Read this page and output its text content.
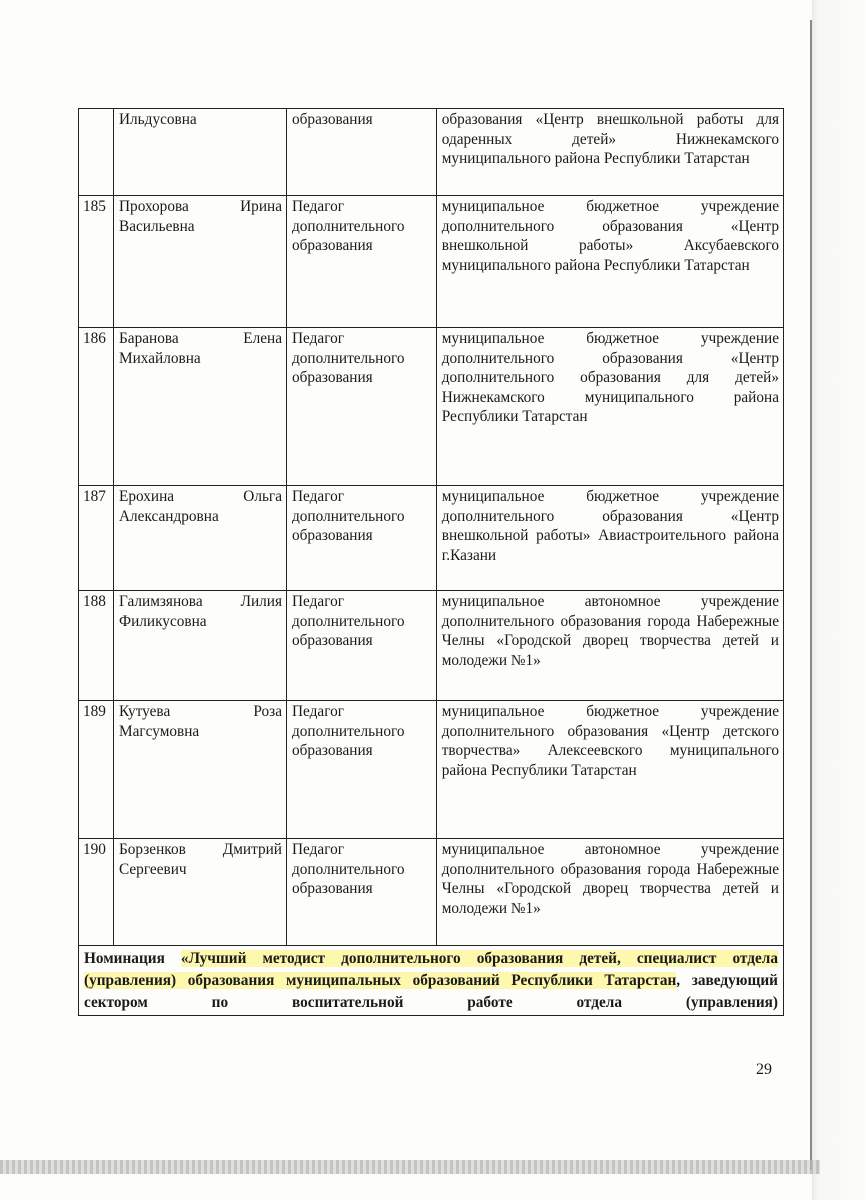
	Ильдусовна	образования	образования «Центр внешкольной работы для одаренных детей» Нижнекамского муниципального района Республики Татарстан
185	Прохорова Ирина Васильевна	Педагог дополнительного образования	муниципальное бюджетное учреждение дополнительного образования «Центр внешкольной работы» Аксубаевского муниципального района Республики Татарстан
186	Баранова Елена Михайловна	Педагог дополнительного образования	муниципальное бюджетное учреждение дополнительного образования «Центр дополнительного образования для детей» Нижнекамского муниципального района Республики Татарстан
187	Ерохина Ольга Александровна	Педагог дополнительного образования	муниципальное бюджетное учреждение дополнительного образования «Центр внешкольной работы» Авиастроительного района г.Казани
188	Галимзянова Лилия Филикусовна	Педагог дополнительного образования	муниципальное автономное учреждение дополнительного образования города Набережные Челны «Городской дворец творчества детей и молодежи №1»
189	Кутуева Роза Магсумовна	Педагог дополнительного образования	муниципальное бюджетное учреждение дополнительного образования «Центр детского творчества» Алексеевского муниципального района Республики Татарстан
190	Борзенков Дмитрий Сергеевич	Педагог дополнительного образования	муниципальное автономное учреждение дополнительного образования города Набережные Челны «Городской дворец творчества детей и молодежи №1»
Номинация «Лучший методист дополнительного образования детей, специалист отдела (управления) образования муниципальных образований Республики Татарстан, заведующий сектором по воспитательной работе отдела (управления)			
29
